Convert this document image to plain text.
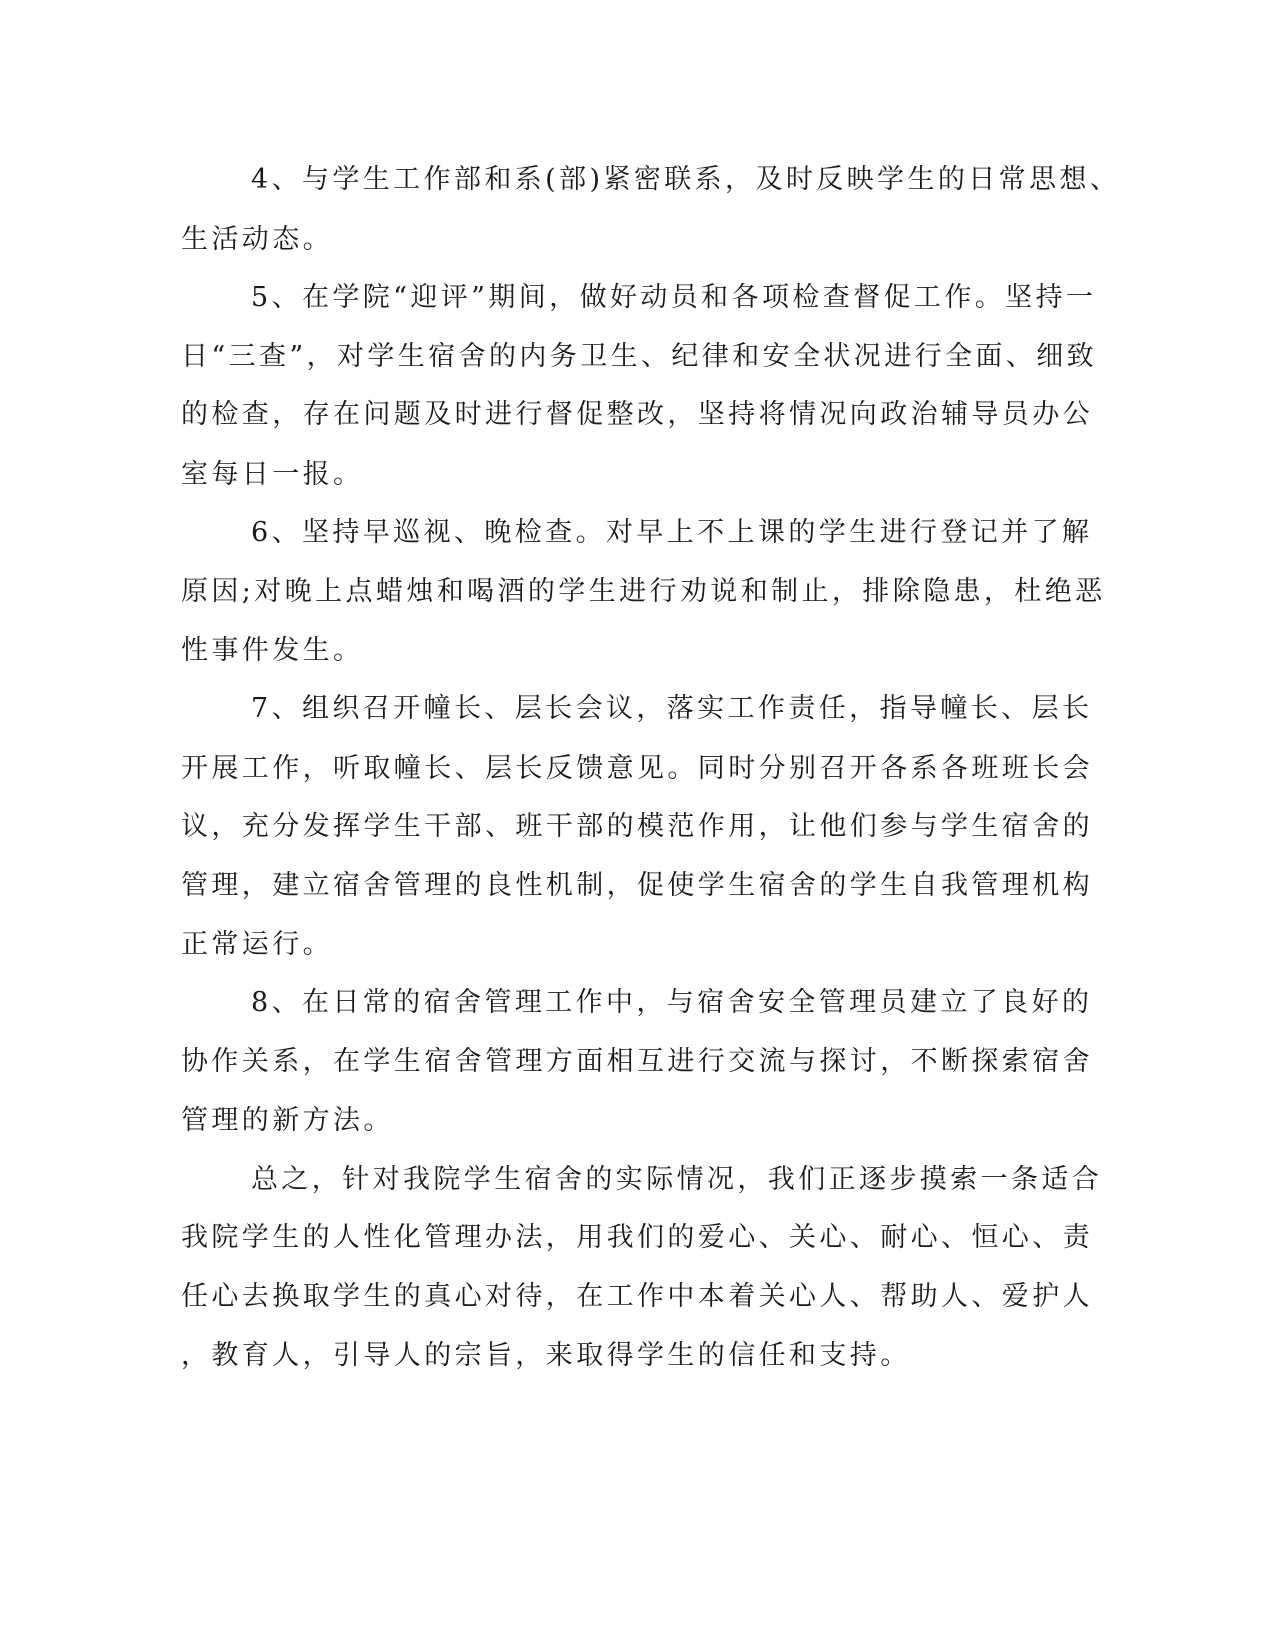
4、与学生工作部和系(部)紧密联系，及时反映学生的日常思想、
生活动态。
5、在学院“迎评”期间，做好动员和各项检查督促工作。坚持一
日“三查”，对学生宿舍的内务卫生、纪律和安全状况进行全面、细致
的检查，存在问题及时进行督促整改，坚持将情况向政治辅导员办公
室每日一报。
6、坚持早巡视、晚检查。对早上不上课的学生进行登记并了解
原因;对晚上点蜡烛和喝酒的学生进行劝说和制止，排除隐患，杜绝恶
性事件发生。
7、组织召开幢长、层长会议，落实工作责任，指导幢长、层长
开展工作，听取幢长、层长反馈意见。同时分别召开各系各班班长会
议，充分发挥学生干部、班干部的模范作用，让他们参与学生宿舍的
管理，建立宿舍管理的良性机制，促使学生宿舍的学生自我管理机构
正常运行。
8、在日常的宿舍管理工作中，与宿舍安全管理员建立了良好的
协作关系，在学生宿舍管理方面相互进行交流与探讨，不断探索宿舍
管理的新方法。
总之，针对我院学生宿舍的实际情况，我们正逐步摸索一条适合
我院学生的人性化管理办法，用我们的爱心、关心、耐心、恒心、责
任心去换取学生的真心对待，在工作中本着关心人、帮助人、爱护人
，教育人，引导人的宗旨，来取得学生的信任和支持。
